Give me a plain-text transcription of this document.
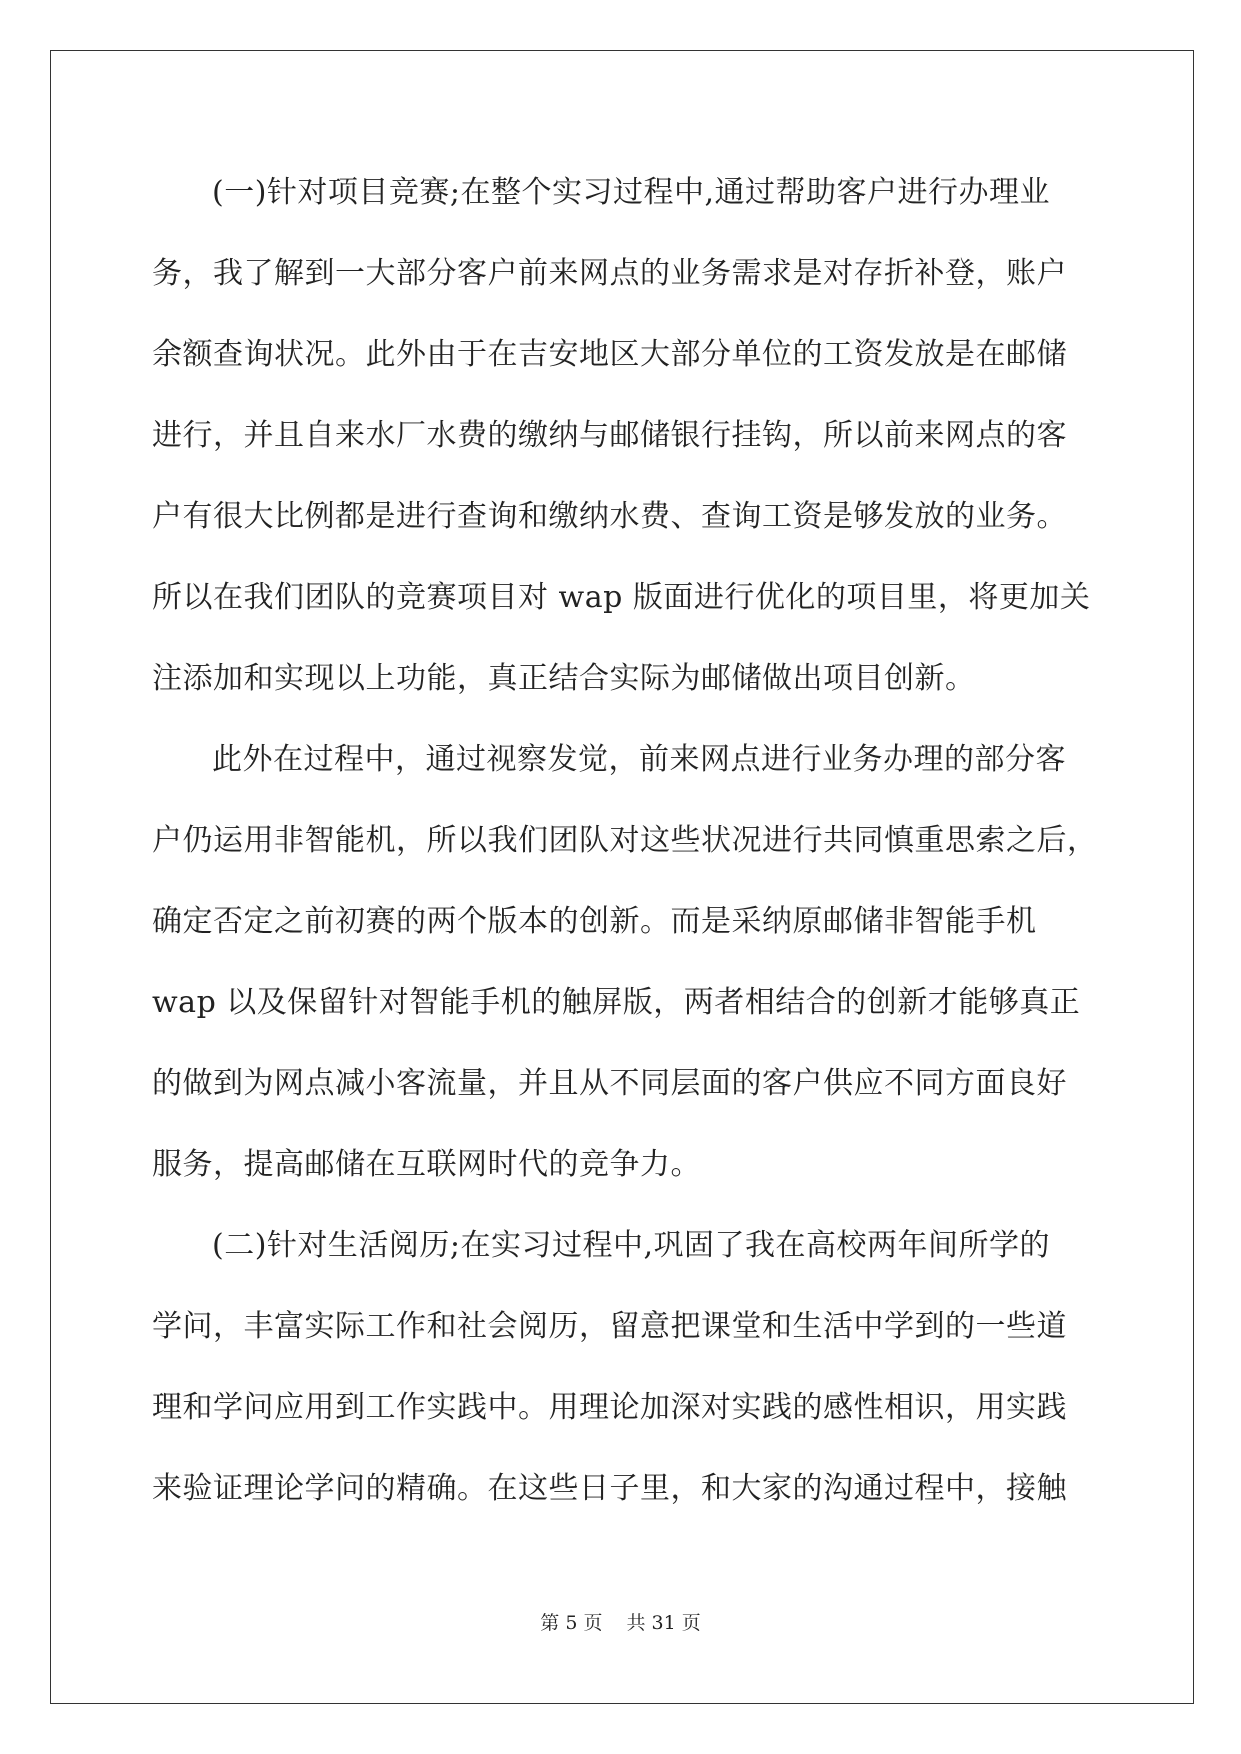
(一)针对项目竞赛;在整个实习过程中,通过帮助客户进行办理业

务，我了解到一大部分客户前来网点的业务需求是对存折补登，账户

余额查询状况。此外由于在吉安地区大部分单位的工资发放是在邮储

进行，并且自来水厂水费的缴纳与邮储银行挂钩，所以前来网点的客

户有很大比例都是进行查询和缴纳水费、查询工资是够发放的业务。

所以在我们团队的竞赛项目对 wap 版面进行优化的项目里，将更加关

注添加和实现以上功能，真正结合实际为邮储做出项目创新。

此外在过程中，通过视察发觉，前来网点进行业务办理的部分客

户仍运用非智能机，所以我们团队对这些状况进行共同慎重思索之后，

确定否定之前初赛的两个版本的创新。而是采纳原邮储非智能手机

wap 以及保留针对智能手机的触屏版，两者相结合的创新才能够真正

的做到为网点减小客流量，并且从不同层面的客户供应不同方面良好

服务，提高邮储在互联网时代的竞争力。

(二)针对生活阅历;在实习过程中,巩固了我在高校两年间所学的

学问，丰富实际工作和社会阅历，留意把课堂和生活中学到的一些道

理和学问应用到工作实践中。用理论加深对实践的感性相识，用实践

来验证理论学问的精确。在这些日子里，和大家的沟通过程中，接触

第 5 页 共 31 页
